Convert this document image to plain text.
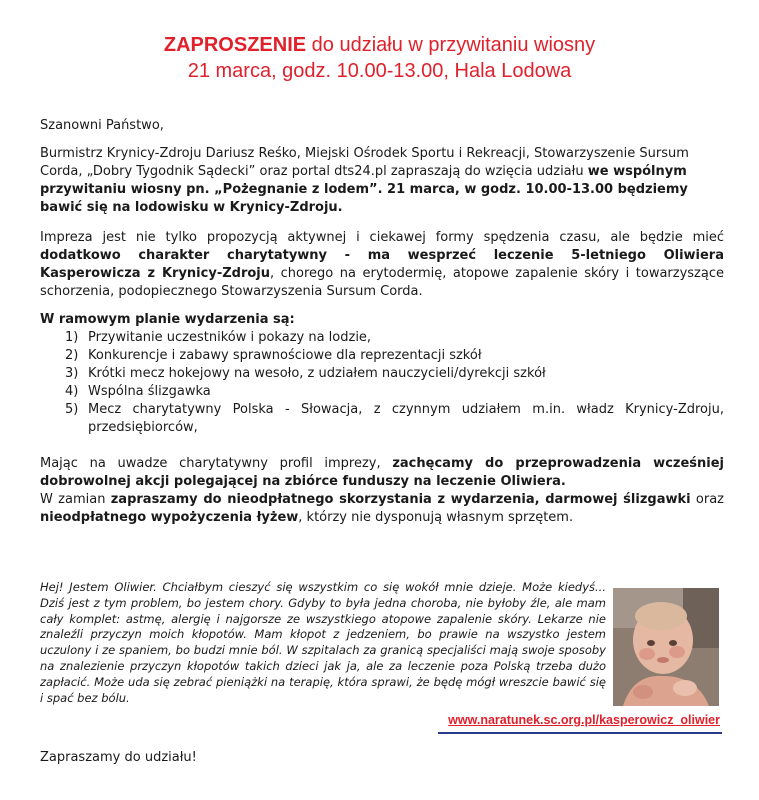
ZAPROSZENIE do udziału w przywitaniu wiosny
21 marca, godz. 10.00-13.00, Hala Lodowa
Szanowni Państwo,
Burmistrz Krynicy-Zdroju Dariusz Reśko, Miejski Ośrodek Sportu i Rekreacji, Stowarzyszenie Sursum Corda, „Dobry Tygodnik Sądecki” oraz portal dts24.pl zapraszają do wzięcia udziału we wspólnym przywitaniu wiosny pn. „Pożegnanie z lodem”. 21 marca, w godz. 10.00-13.00 będziemy bawić się na lodowisku w Krynicy-Zdroju.
Impreza jest nie tylko propozycją aktywnej i ciekawej formy spędzenia czasu, ale będzie mieć dodatkowo charakter charytatywny - ma wesprzeć leczenie 5-letniego Oliwiera Kasperowicza z Krynicy-Zdroju, chorego na erytodermię, atopowe zapalenie skóry i towarzyszące schorzenia, podopiecznego Stowarzyszenia Sursum Corda.
W ramowym planie wydarzenia są:
1) Przywitanie uczestników i pokazy na lodzie,
2) Konkurencje i zabawy sprawnościowe dla reprezentacji szkół
3) Krótki mecz hokejowy na wesoło, z udziałem nauczycieli/dyrekcji szkół
4) Wspólna ślizgawka
5) Mecz charytatywny Polska - Słowacja, z czynnym udziałem m.in. władz Krynicy-Zdroju,
przedsiębiorców,
Mając na uwadze charytatywny profil imprezy, zachęcamy do przeprowadzenia wcześniej dobrowolnej akcji polegającej na zbiórce funduszy na leczenie Oliwiera.
W zamian zapraszamy do nieodpłatnego skorzystania z wydarzenia, darmowej ślizgawki oraz nieodpłatnego wypożyczenia łyżew, którzy nie dysponują własnym sprzętem.
Hej! Jestem Oliwier. Chciałbym cieszyć się wszystkim co się wokół mnie dzieje. Może kiedyś... Dziś jest z tym problem, bo jestem chory. Gdyby to była jedna choroba, nie byłoby źle, ale mam cały komplet: astmę, alergię i najgorsze ze wszystkiego atopowe zapalenie skóry. Lekarze nie znaleźli przyczyn moich kłopotów. Mam kłopot z jedzeniem, bo prawie na wszystko jestem uczulony i ze spaniem, bo budzi mnie ból. W szpitalach za granicą specjaliści mają swoje sposoby na znalezienie przyczyn kłopotów takich dzieci jak ja, ale za leczenie poza Polską trzeba dużo zapłacić. Może uda się zebrać pieniążki na terapię, która sprawi, że będę mógł wreszcie bawić się i spać bez bólu.
www.naratunek.sc.org.pl/kasperowicz_oliwier
Zapraszamy do udziału!
